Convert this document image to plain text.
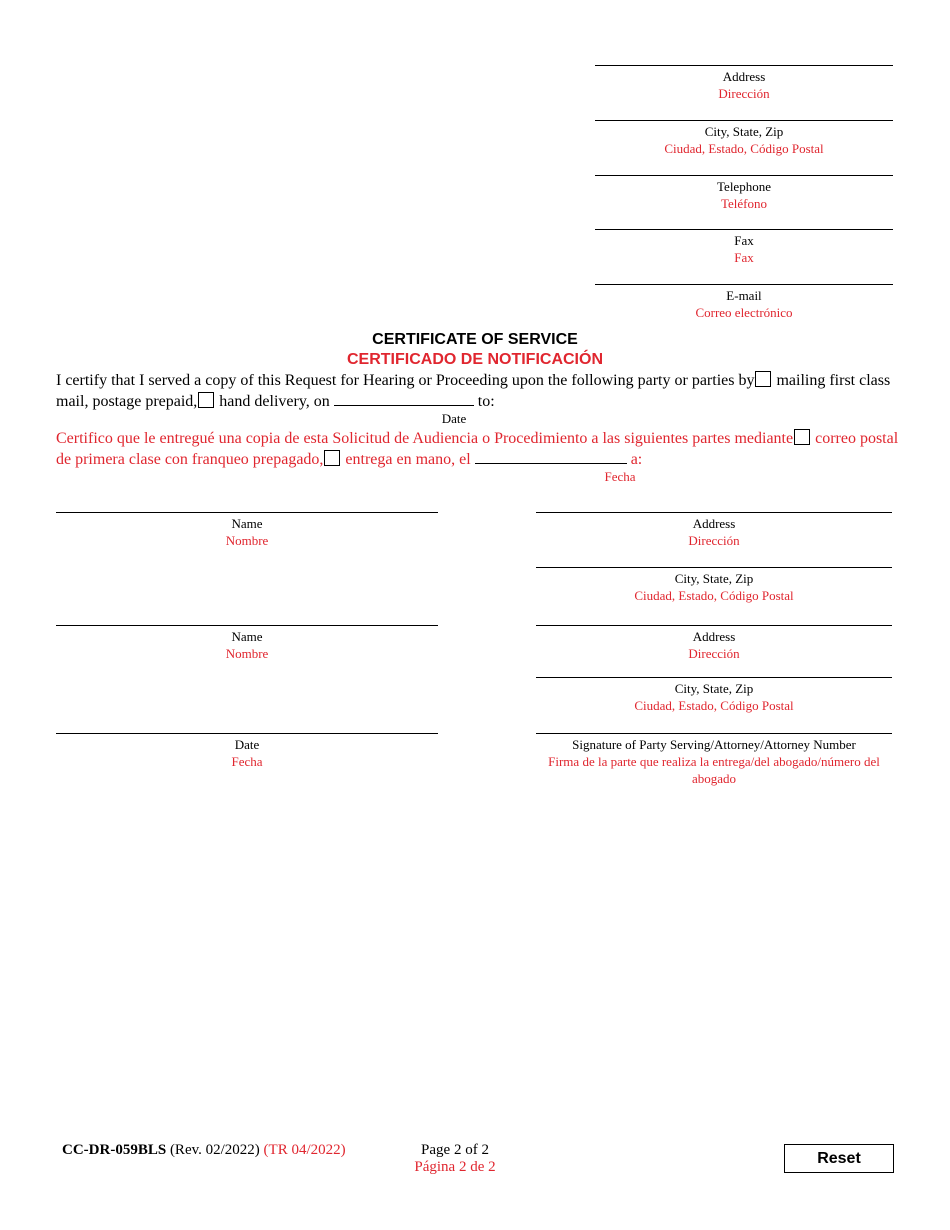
Address
Dirección
City, State, Zip
Ciudad, Estado, Código Postal
Telephone
Teléfono
Fax
Fax
E-mail
Correo electrónico
CERTIFICATE OF SERVICE
CERTIFICADO DE NOTIFICACIÓN
I certify that I served a copy of this Request for Hearing or Proceeding upon the following party or parties by mailing first class mail, postage prepaid, hand delivery, on	to:
Date
Certifico que le entregué una copia de esta Solicitud de Audiencia o Procedimiento a las siguientes partes mediante correo postal de primera clase con franqueo prepagado, entrega en mano, el	a:
Fecha
Name
Nombre
Address
Dirección
City, State, Zip
Ciudad, Estado, Código Postal
Name
Nombre
Address
Dirección
City, State, Zip
Ciudad, Estado, Código Postal
Date
Fecha
Signature of Party Serving/Attorney/Attorney Number
Firma de la parte que realiza la entrega/del abogado/número del abogado
CC-DR-059BLS (Rev. 02/2022) (TR 04/2022)	Page 2 of 2
Página 2 de 2	Reset
